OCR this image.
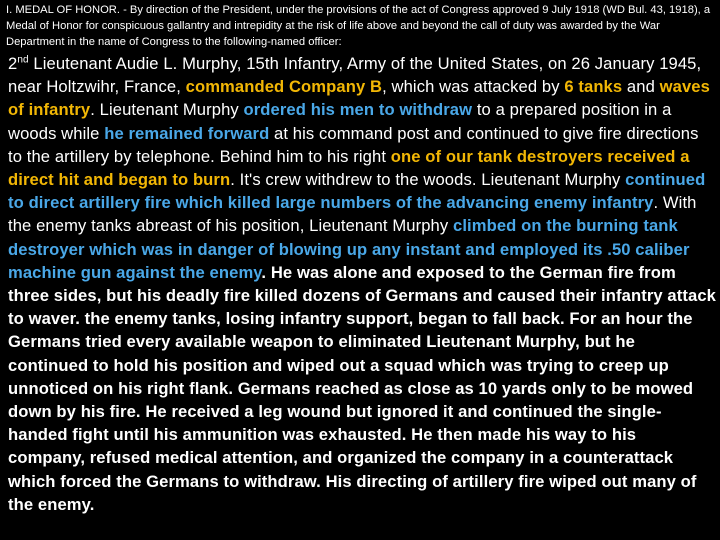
I. MEDAL OF HONOR. - By direction of the President, under the provisions of the act of Congress approved 9 July 1918 (WD Bul. 43, 1918), a Medal of Honor for conspicuous gallantry and intrepidity at the risk of life above and beyond the call of duty was awarded by the War Department in the name of Congress to the following-named officer:

2nd Lieutenant Audie L. Murphy, 15th Infantry, Army of the United States, on 26 January 1945, near Holtzwihr, France, commanded Company B, which was attacked by 6 tanks and waves of infantry. Lieutenant Murphy ordered his men to withdraw to a prepared position in a woods while he remained forward at his command post and continued to give fire directions to the artillery by telephone. Behind him to his right one of our tank destroyers received a direct hit and began to burn. It's crew withdrew to the woods. Lieutenant Murphy continued to direct artillery fire which killed large numbers of the advancing enemy infantry. With the enemy tanks abreast of his position, Lieutenant Murphy climbed on the burning tank destroyer which was in danger of blowing up any instant and employed its .50 caliber machine gun against the enemy. He was alone and exposed to the German fire from three sides, but his deadly fire killed dozens of Germans and caused their infantry attack to waver. the enemy tanks, losing infantry support, began to fall back. For an hour the Germans tried every available weapon to eliminated Lieutenant Murphy, but he continued to hold his position and wiped out a squad which was trying to creep up unnoticed on his right flank. Germans reached as close as 10 yards only to be mowed down by his fire. He received a leg wound but ignored it and continued the single-handed fight until his ammunition was exhausted. He then made his way to his company, refused medical attention, and organized the company in a counterattack which forced the Germans to withdraw. His directing of artillery fire wiped out many of the enemy.
